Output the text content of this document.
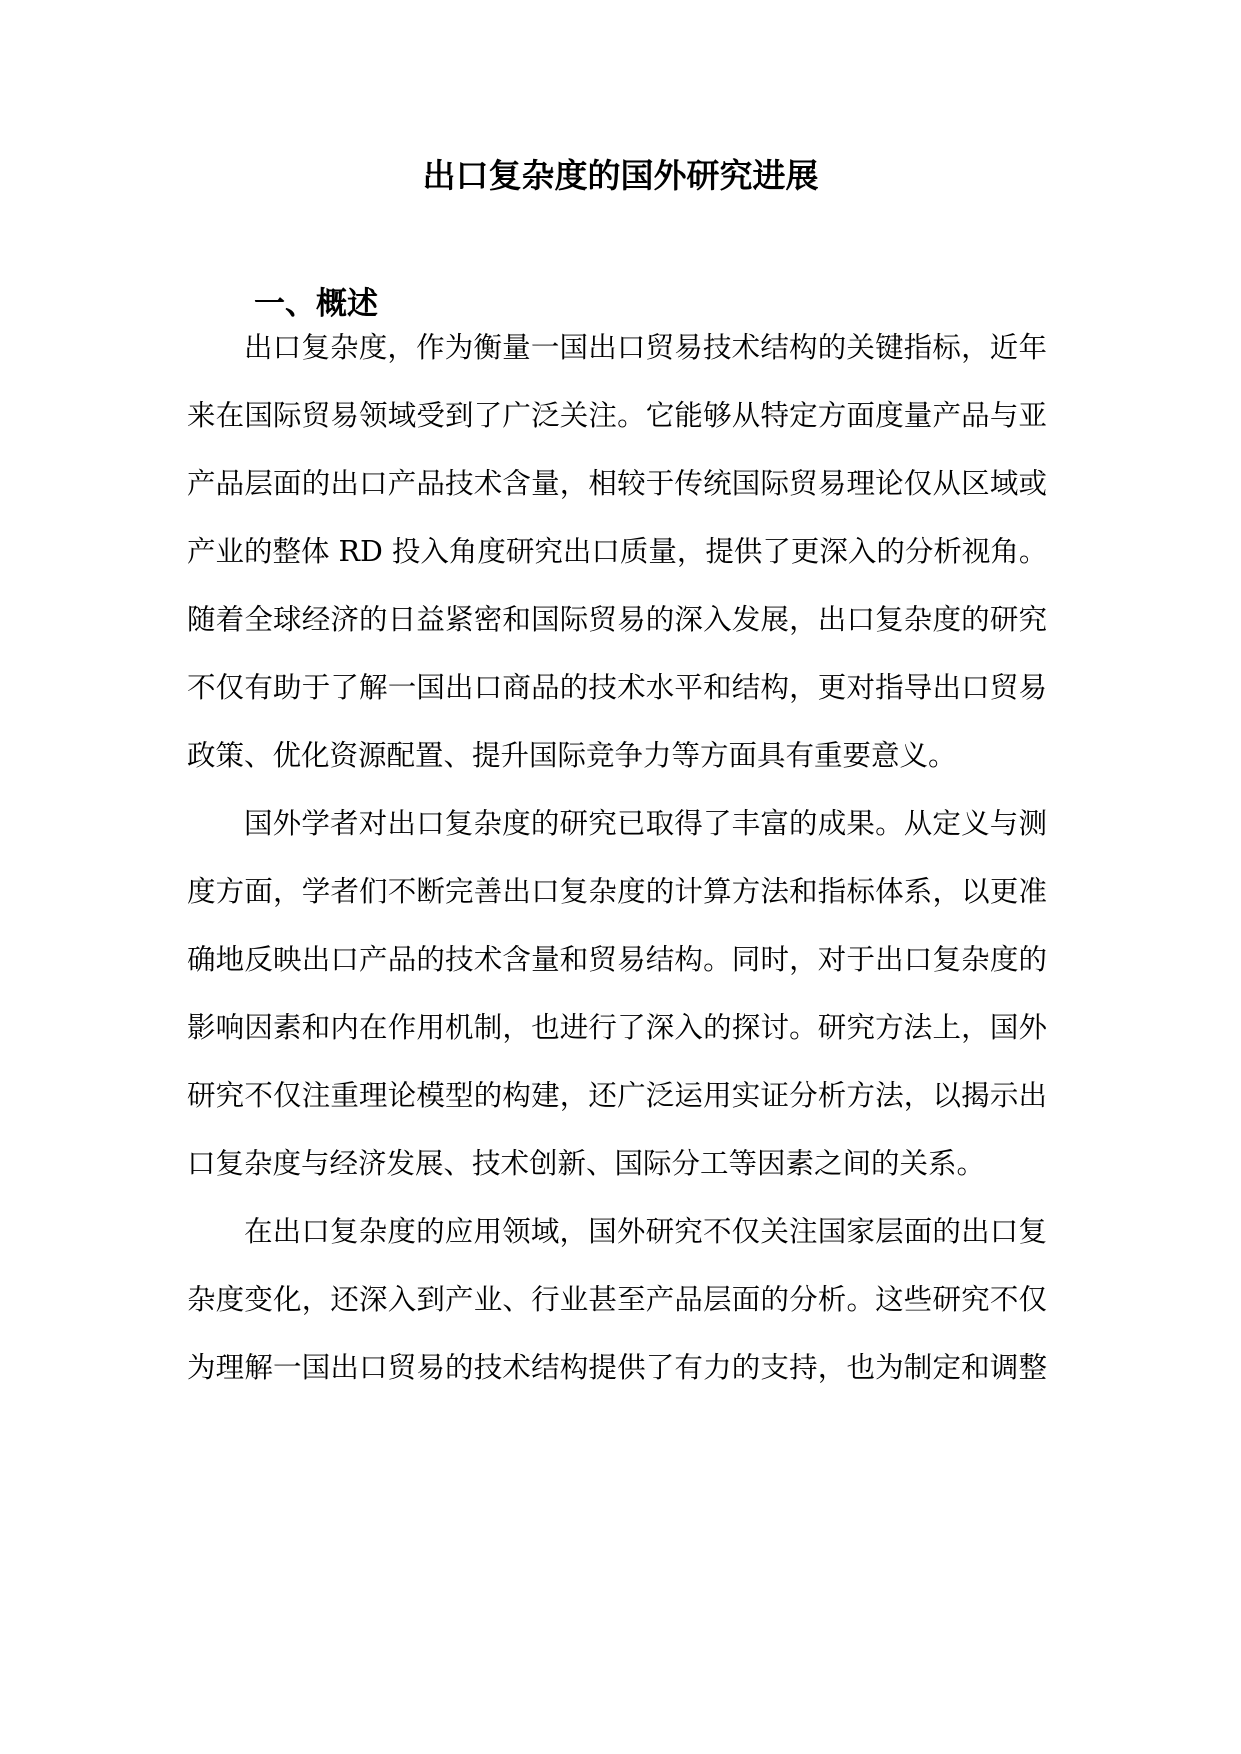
出口复杂度的国外研究进展
一、概述
出口复杂度，作为衡量一国出口贸易技术结构的关键指标，近年
来在国际贸易领域受到了广泛关注。它能够从特定方面度量产品与亚
产品层面的出口产品技术含量，相较于传统国际贸易理论仅从区域或
产业的整体 RD 投入角度研究出口质量，提供了更深入的分析视角。
随着全球经济的日益紧密和国际贸易的深入发展，出口复杂度的研究
不仅有助于了解一国出口商品的技术水平和结构，更对指导出口贸易
政策、优化资源配置、提升国际竞争力等方面具有重要意义。
国外学者对出口复杂度的研究已取得了丰富的成果。从定义与测
度方面，学者们不断完善出口复杂度的计算方法和指标体系，以更准
确地反映出口产品的技术含量和贸易结构。同时，对于出口复杂度的
影响因素和内在作用机制，也进行了深入的探讨。研究方法上，国外
研究不仅注重理论模型的构建，还广泛运用实证分析方法，以揭示出
口复杂度与经济发展、技术创新、国际分工等因素之间的关系。
在出口复杂度的应用领域，国外研究不仅关注国家层面的出口复
杂度变化，还深入到产业、行业甚至产品层面的分析。这些研究不仅
为理解一国出口贸易的技术结构提供了有力的支持，也为制定和调整
